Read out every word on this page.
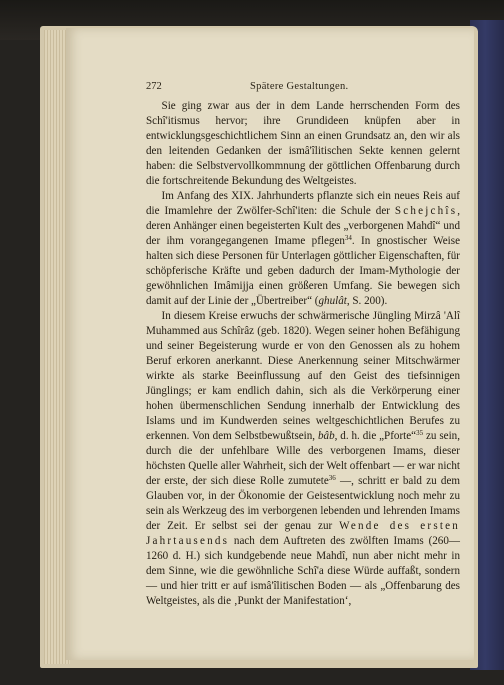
272	Spätere Gestaltungen.

Sie ging zwar aus der in dem Lande herrschenden Form des Schî'itismus hervor; ihre Grundideen knüpfen aber in entwicklungsgeschichtlichem Sinn an einen Grundsatz an, den wir als den leitenden Gedanken der ismâ'îlitischen Sekte kennen gelernt haben: die Selbstvervollkommnung der göttlichen Offenbarung durch die fortschreitende Bekundung des Weltgeistes.

Im Anfang des XIX. Jahrhunderts pflanzte sich ein neues Reis auf die Imamlehre der Zwölfer-Schî'iten: die Schule der Schejchîs, deren Anhänger einen begeisterten Kult des „verborgenen Mahdî“ und der ihm vorangegangenen Imame pflegen$^{34}$. In gnostischer Weise halten sich diese Personen für Unterlagen göttlicher Eigenschaften, für schöpferische Kräfte und geben dadurch der Imam-Mythologie der gewöhnlichen Imâmijja einen größeren Umfang. Sie bewegen sich damit auf der Linie der „Übertreiber“ (ghulât, S. 200).

In diesem Kreise erwuchs der schwärmerische Jüngling Mirzâ 'Alî Muhammed aus Schîrâz (geb. 1820). Wegen seiner hohen Befähigung und seiner Begeisterung wurde er von den Genossen als zu hohem Beruf erkoren anerkannt. Diese Anerkennung seiner Mitschwärmer wirkte als starke Beeinflussung auf den Geist des tiefsinnigen Jünglings; er kam endlich dahin, sich als die Verkörperung einer hohen übermenschlichen Sendung innerhalb der Entwicklung des Islams und im Kundwerden seines weltgeschichtlichen Berufes zu erkennen. Von dem Selbstbewußtsein, bâb, d. h. die „Pforte“$^{35}$ zu sein, durch die der unfehlbare Wille des verborgenen Imams, dieser höchsten Quelle aller Wahrheit, sich der Welt offenbart — er war nicht der erste, der sich diese Rolle zumutete$^{36}$ —, schritt er bald zu dem Glauben vor, in der Ökonomie der Geistesentwicklung noch mehr zu sein als Werkzeug des im verborgenen lebenden und lehrenden Imams der Zeit. Er selbst sei der genau zur Wende des ersten Jahrtausends nach dem Auftreten des zwölften Imams (260—1260 d. H.) sich kundgebende neue Mahdî, nun aber nicht mehr in dem Sinne, wie die gewöhnliche Schî'a diese Würde auffaßt, sondern — und hier tritt er auf ismâ'îlitischen Boden — als „Offenbarung des Weltgeistes, als die ‚Punkt der Manifestation‘,
